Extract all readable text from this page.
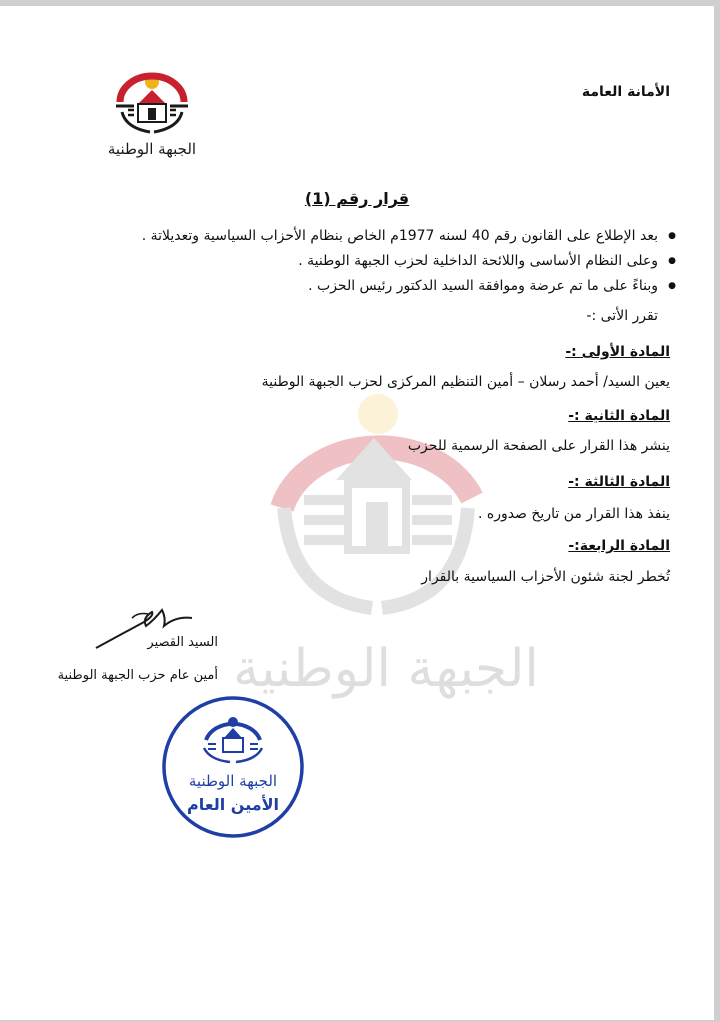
الأمانة العامة
الجبهة الوطنية
الجبهة الوطنية
قرار رقم (1)
● بعد الإطلاع على القانون رقم 40 لسنه 1977م الخاص بنظام الأحزاب السياسية وتعديلاتة .
● وعلى النظام الأساسى واللائحة الداخلية لحزب الجبهة الوطنية .
● وبناءً على ما تم عرضة وموافقة السيد الدكتور رئيس الحزب .
تقرر الأتى :-
المادة الأولى :-
يعين السيد/ أحمد رسلان – أمين التنظيم المركزى لحزب الجبهة الوطنية
المادة الثانية :-
ينشر هذا القرار على الصفحة الرسمية للحزب
المادة الثالثة :-
ينفذ هذا القرار من تاريخ صدوره .
المادة الرابعة:-
تُخطر لجنة شئون الأحزاب السياسية بالقرار
السيد القصير
أمين عام حزب الجبهة الوطنية
الجبهة الوطنية
الأمين العام
